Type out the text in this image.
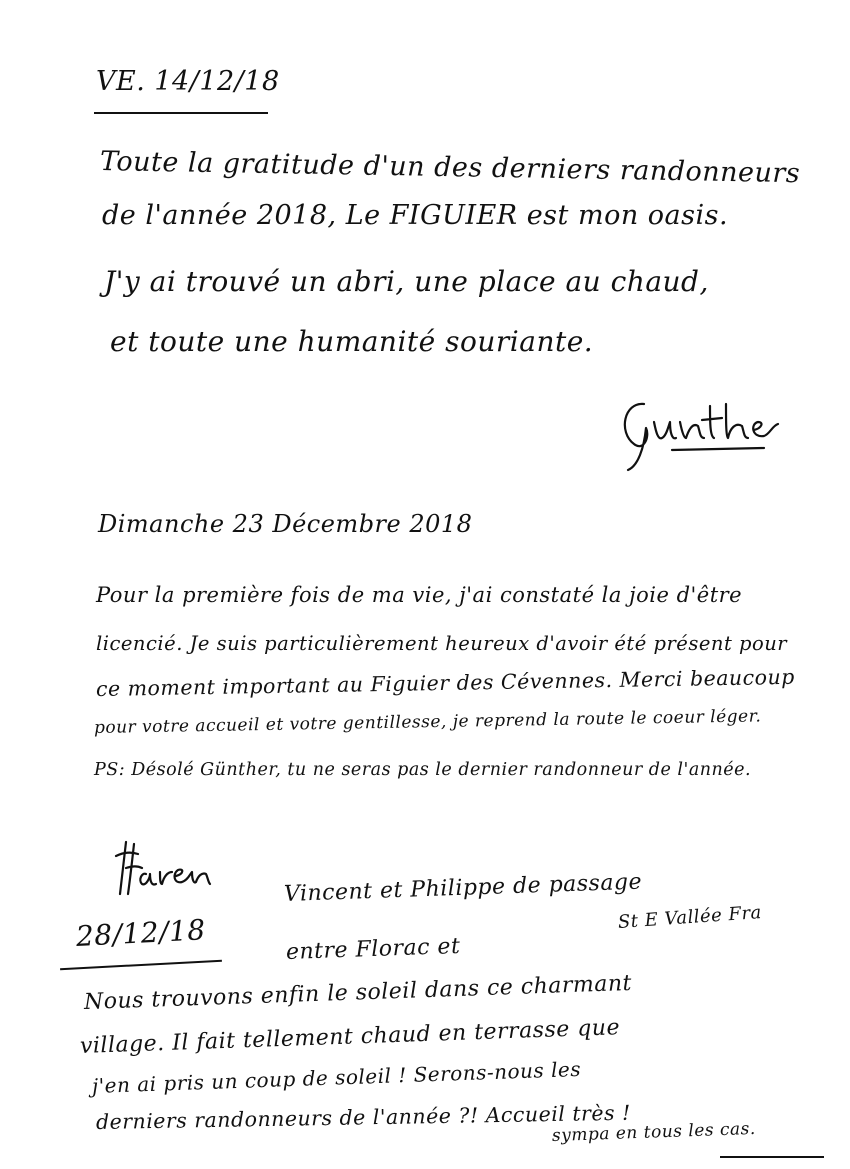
VE. 14/12/18
Toute la gratitude d'un des derniers randonneurs
de l'année 2018, Le FIGUIER est mon oasis.
J'y ai trouvé un abri, une place au chaud,
et toute une humanité souriante.
Dimanche 23 Décembre 2018
Pour la première fois de ma vie, j'ai constaté la joie d'être
licencié. Je suis particulièrement heureux d'avoir été présent pour
ce moment important au Figuier des Cévennes. Merci beaucoup
pour votre accueil et votre gentillesse, je reprend la route le coeur léger.
PS: Désolé Günther, tu ne seras pas le dernier randonneur de l'année.
Vincent et Philippe de passage
St E Vallée Fra
28/12/18	entre Florac et
Nous trouvons enfin le soleil dans ce charmant
village. Il fait tellement chaud en terrasse que
j'en ai pris un coup de soleil ! Serons-nous les
derniers randonneurs de l'année ?! Accueil très !
sympa en tous les cas.
